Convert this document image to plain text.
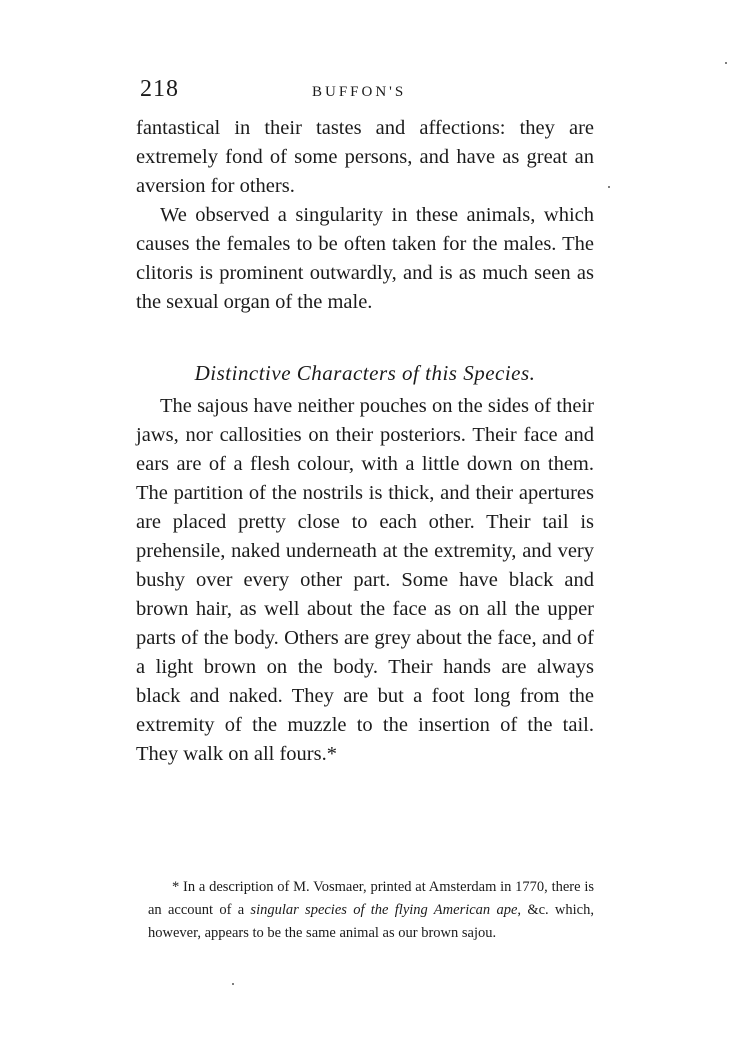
218	BUFFON'S

fantastical in their tastes and affections: they are extremely fond of some persons, and have as great an aversion for others.

We observed a singularity in these animals, which causes the females to be often taken for the males. The clitoris is prominent outwardly, and is as much seen as the sexual organ of the male.

Distinctive Characters of this Species.

The sajous have neither pouches on the sides of their jaws, nor callosities on their posteriors. Their face and ears are of a flesh colour, with a little down on them. The partition of the nostrils is thick, and their apertures are placed pretty close to each other. Their tail is prehensile, naked underneath at the extremity, and very bushy over every other part. Some have black and brown hair, as well about the face as on all the upper parts of the body. Others are grey about the face, and of a light brown on the body. Their hands are always black and naked. They are but a foot long from the extremity of the muzzle to the insertion of the tail. They walk on all fours.*

* In a description of M. Vosmaer, printed at Amsterdam in 1770, there is an account of a singular species of the flying American ape, &c. which, however, appears to be the same animal as our brown sajou.
